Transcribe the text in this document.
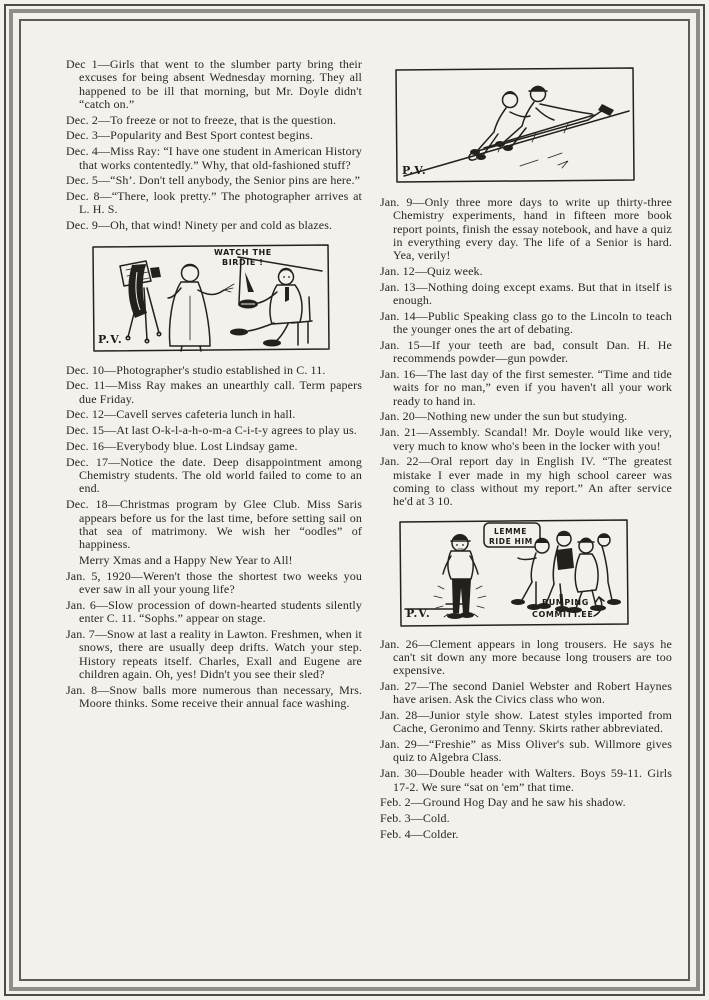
Dec 1—Girls that went to the slumber party bring their excuses for being absent Wednesday morning. They all happened to be ill that morning, but Mr. Doyle didn't “catch on.”

Dec. 2—To freeze or not to freeze, that is the question.

Dec. 3—Popularity and Best Sport contest begins.

Dec. 4—Miss Ray: “I have one student in American History that works contentedly.” Why, that old-fashioned stuff?

Dec. 5—“Sh’. Don't tell anybody, the Senior pins are here.”

Dec. 8—“There, look pretty.” The photographer arrives at L. H. S.

Dec. 9—Oh, that wind! Ninety per and cold as blazes.

WATCH THE
BIRDIE !
P.V.

Dec. 10—Photographer's studio established in C. 11.

Dec. 11—Miss Ray makes an unearthly call. Term papers due Friday.

Dec. 12—Cavell serves cafeteria lunch in hall.

Dec. 15—At last O-k-l-a-h-o-m-a C-i-t-y agrees to play us.

Dec. 16—Everybody blue. Lost Lindsay game.

Dec. 17—Notice the date. Deep disappointment among Chemistry students. The old world failed to come to an end.

Dec. 18—Christmas program by Glee Club. Miss Saris appears before us for the last time, before setting sail on that sea of matrimony. We wish her “oodles” of happiness.

Merry Xmas and a Happy New Year to All!

Jan. 5, 1920—Weren't those the shortest two weeks you ever saw in all your young life?

Jan. 6—Slow procession of down-hearted students silently enter C. 11. “Sophs.” appear on stage.

Jan. 7—Snow at last a reality in Lawton. Freshmen, when it snows, there are usually deep drifts. Watch your step. History repeats itself. Charles, Exall and Eugene are children again. Oh, yes! Didn't you see their sled?

Jan. 8—Snow balls more numerous than necessary, Mrs. Moore thinks. Some receive their annual face washing.

P.V.

Jan. 9—Only three more days to write up thirty-three Chemistry experiments, hand in fifteen more book report points, finish the essay notebook, and have a quiz in everything every day. The life of a Senior is hard. Yea, verily!

Jan. 12—Quiz week.

Jan. 13—Nothing doing except exams. But that in itself is enough.

Jan. 14—Public Speaking class go to the Lincoln to teach the younger ones the art of debating.

Jan. 15—If your teeth are bad, consult Dan. H. He recommends powder—gun powder.

Jan. 16—The last day of the first semester. “Time and tide waits for no man,” even if you haven't all your work ready to hand in.

Jan. 20—Nothing new under the sun but studying.

Jan. 21—Assembly. Scandal! Mr. Doyle would like very, very much to know who's been in the locker with you!

Jan. 22—Oral report day in English IV. “The greatest mistake I ever made in my high school career was coming to class without my report.” An after service he'd at 3 10.

LEMME
RIDE HIM
BUMPING
COMMITT.EE
P.V.

Jan. 26—Clement appears in long trousers. He says he can't sit down any more because long trousers are too expensive.

Jan. 27—The second Daniel Webster and Robert Haynes have arisen. Ask the Civics class who won.

Jan. 28—Junior style show. Latest styles imported from Cache, Geronimo and Tenny. Skirts rather abbreviated.

Jan. 29—“Freshie” as Miss Oliver's sub. Willmore gives quiz to Algebra Class.

Jan. 30—Double header with Walters. Boys 59-11. Girls 17-2. We sure “sat on 'em” that time.

Feb. 2—Ground Hog Day and he saw his shadow.

Feb. 3—Cold.

Feb. 4—Colder.
